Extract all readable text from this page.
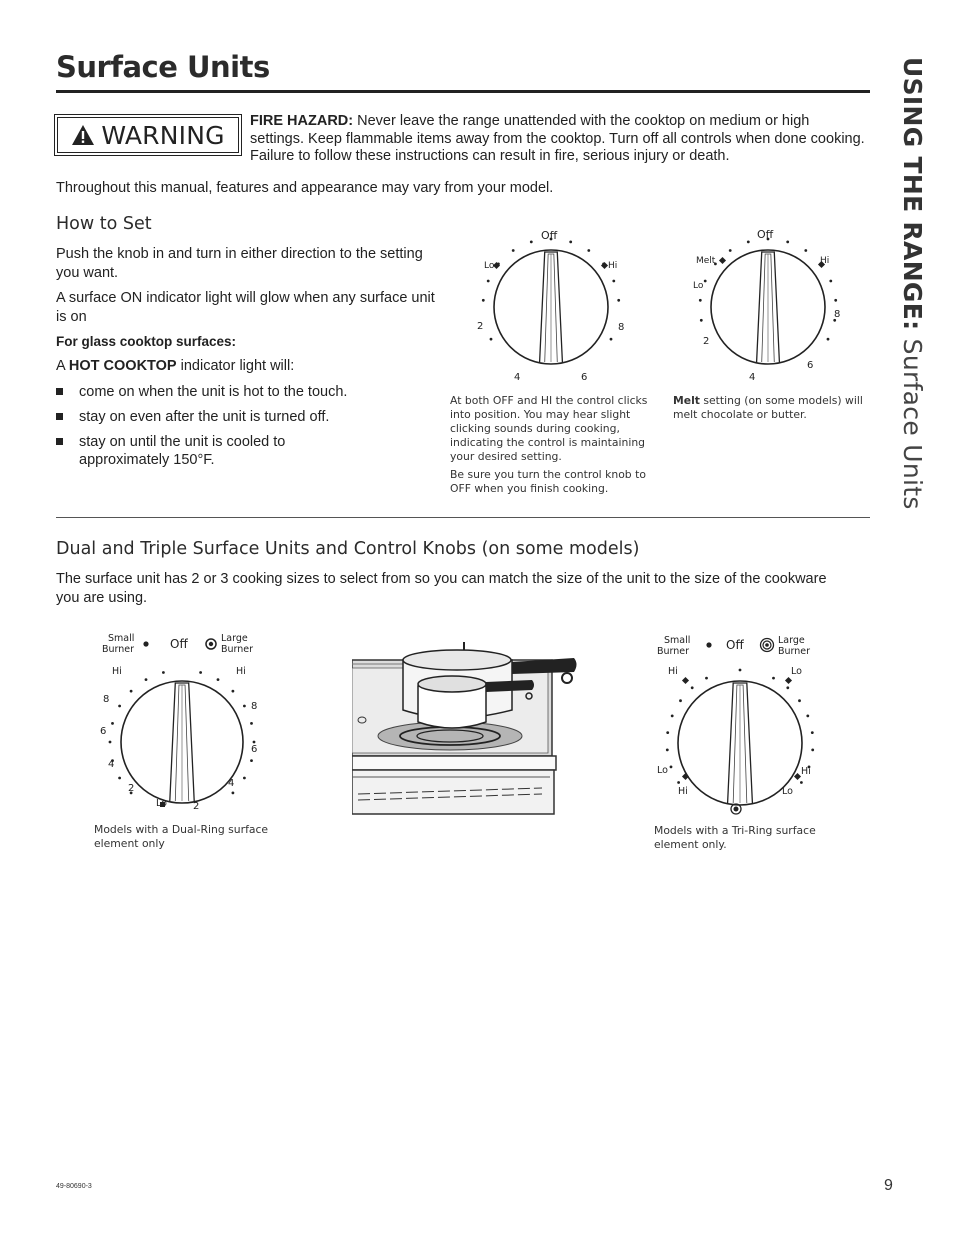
Surface Units	USING THE RANGE: Surface Units
WARNING FIRE HAZARD: Never leave the range unattended with the cooktop on medium or high settings. Keep flammable items away from the cooktop. Turn off all controls when done cooking. Failure to follow these instructions can result in fire, serious injury or death.
Throughout this manual, features and appearance may vary from your model.
How to Set
Push the knob in and turn in either direction to the setting you want.
A surface ON indicator light will glow when any surface unit is on
For glass cooktop surfaces:
A HOT COOKTOP indicator light will:
come on when the unit is hot to the touch.
stay on even after the unit is turned off.
stay on until the unit is cooled to approximately 150°F.
Off
Lo	Hi
2	8
4	6
At both OFF and HI the control clicks into position. You may hear slight clicking sounds during cooking, indicating the control is maintaining your desired setting.
Be sure you turn the control knob to OFF when you finish cooking.
Off
Melt	Hi
Lo
8
2
6
4
Melt setting (on some models) will melt chocolate or butter.
Dual and Triple Surface Units and Control Knobs (on some models)
The surface unit has 2 or 3 cooking sizes to select from so you can match the size of the unit to the size of the cookware you are using.
Small
Burner	Off	Large
Burner
Hi	Hi
8
8
6
6
4
4
2
2
Lo
Models with a Dual-Ring surface element only
Small
Burner	Off	Large
Burner
Hi	Lo
Lo	Hi
Hi	Lo
Models with a Tri-Ring surface element only.
49-80690-3	9
